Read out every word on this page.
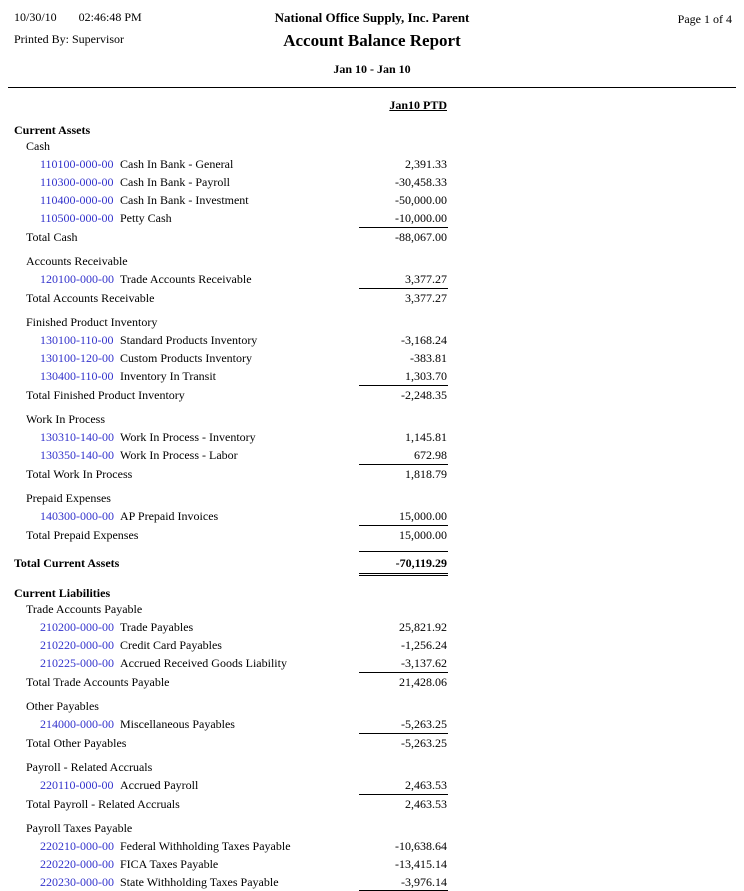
10/30/10 02:46:48 PM
Printed By: Supervisor
National Office Supply, Inc. Parent
Account Balance Report
Jan 10 - Jan 10
Page 1 of 4
Jan10 PTD
Current Assets
Cash
110100-000-00 Cash In Bank - General	2,391.33
110300-000-00 Cash In Bank - Payroll	-30,458.33
110400-000-00 Cash In Bank - Investment	-50,000.00
110500-000-00 Petty Cash	-10,000.00
Total Cash	-88,067.00
Accounts Receivable
120100-000-00 Trade Accounts Receivable	3,377.27
Total Accounts Receivable	3,377.27
Finished Product Inventory
130100-110-00 Standard Products Inventory	-3,168.24
130100-120-00 Custom Products Inventory	-383.81
130400-110-00 Inventory In Transit	1,303.70
Total Finished Product Inventory	-2,248.35
Work In Process
130310-140-00 Work In Process - Inventory	1,145.81
130350-140-00 Work In Process - Labor	672.98
Total Work In Process	1,818.79
Prepaid Expenses
140300-000-00 AP Prepaid Invoices	15,000.00
Total Prepaid Expenses	15,000.00
Total Current Assets	-70,119.29
Current Liabilities
Trade Accounts Payable
210200-000-00 Trade Payables	25,821.92
210220-000-00 Credit Card Payables	-1,256.24
210225-000-00 Accrued Received Goods Liability	-3,137.62
Total Trade Accounts Payable	21,428.06
Other Payables
214000-000-00 Miscellaneous Payables	-5,263.25
Total Other Payables	-5,263.25
Payroll - Related Accruals
220110-000-00 Accrued Payroll	2,463.53
Total Payroll - Related Accruals	2,463.53
Payroll Taxes Payable
220210-000-00 Federal Withholding Taxes Payable	-10,638.64
220220-000-00 FICA Taxes Payable	-13,415.14
220230-000-00 State Withholding Taxes Payable	-3,976.14
